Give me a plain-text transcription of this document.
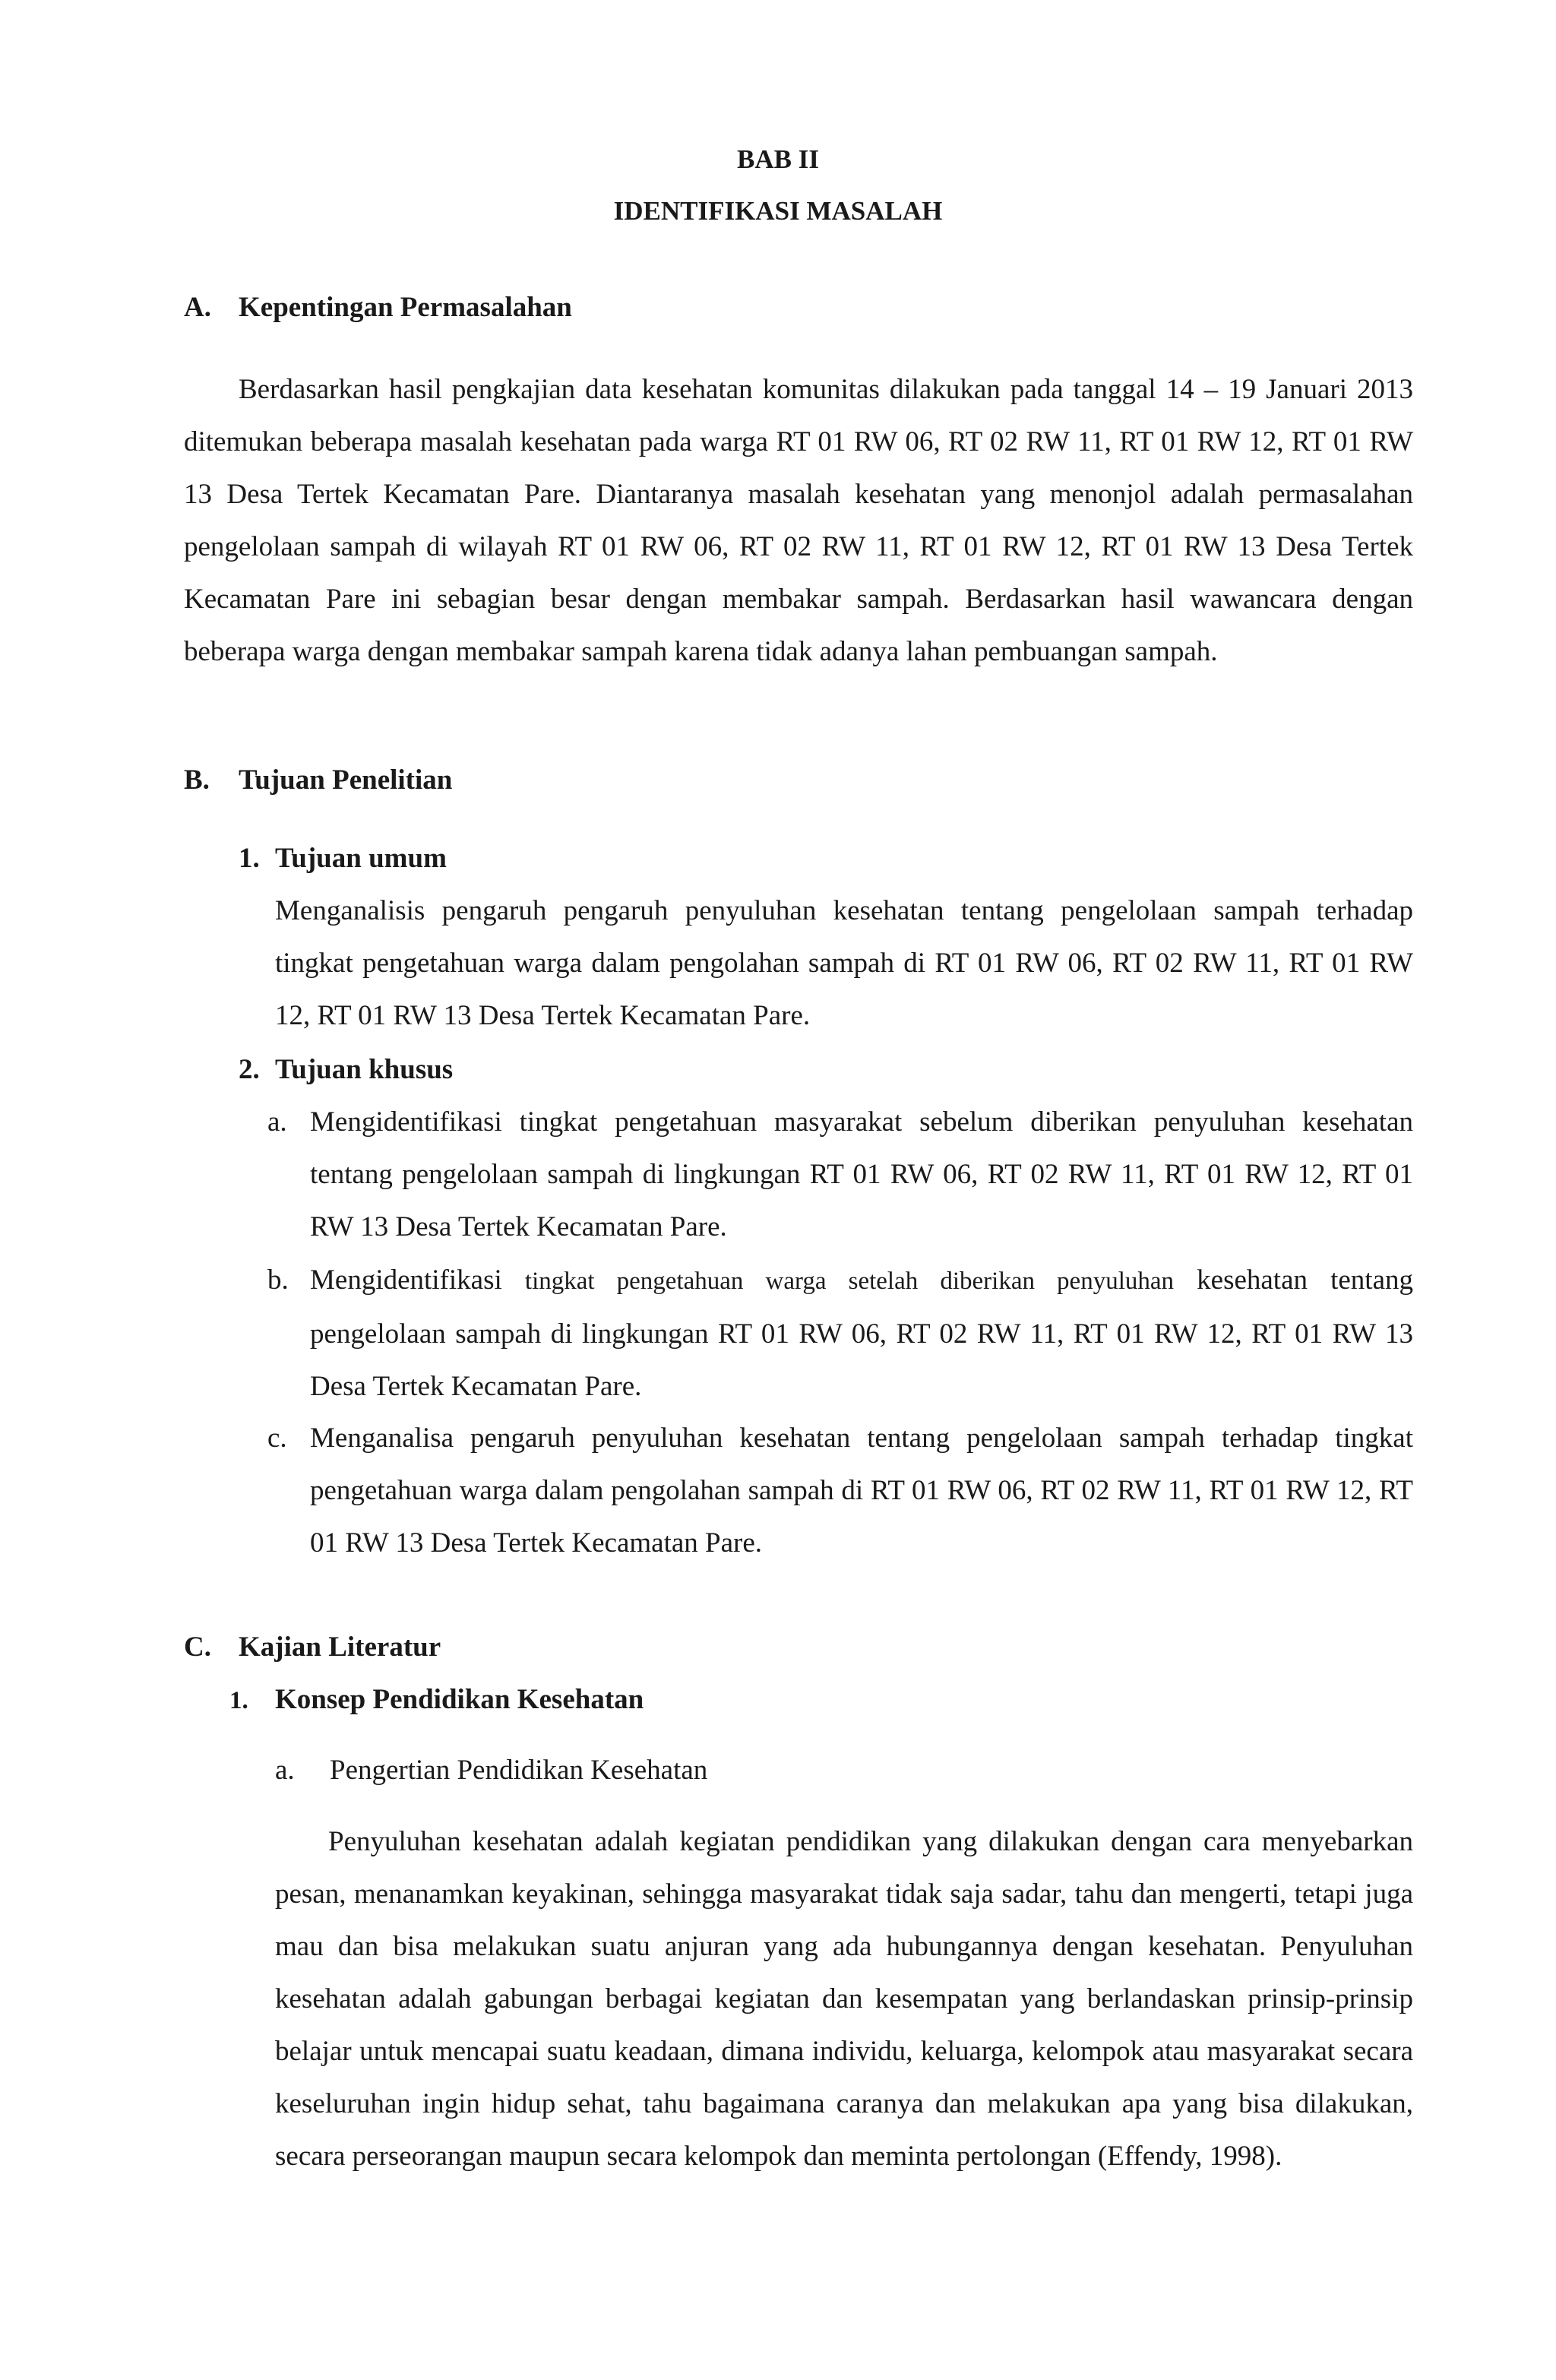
BAB II
IDENTIFIKASI MASALAH
A. Kepentingan Permasalahan
Berdasarkan hasil pengkajian data kesehatan komunitas dilakukan pada tanggal 14 – 19 Januari 2013 ditemukan beberapa masalah kesehatan pada warga RT 01 RW 06, RT 02 RW 11, RT 01 RW 12, RT 01 RW 13 Desa Tertek Kecamatan Pare. Diantaranya masalah kesehatan yang menonjol adalah permasalahan pengelolaan sampah di wilayah RT 01 RW 06, RT 02 RW 11, RT 01 RW 12, RT 01 RW 13 Desa Tertek Kecamatan Pare ini sebagian besar dengan membakar sampah. Berdasarkan hasil wawancara dengan beberapa warga dengan membakar sampah karena tidak adanya lahan pembuangan sampah.
B. Tujuan Penelitian
1. Tujuan umum
Menganalisis pengaruh pengaruh penyuluhan kesehatan tentang pengelolaan sampah terhadap tingkat pengetahuan warga dalam pengolahan sampah di RT 01 RW 06, RT 02 RW 11, RT 01 RW 12, RT 01 RW 13 Desa Tertek Kecamatan Pare.
2. Tujuan khusus
a. Mengidentifikasi tingkat pengetahuan masyarakat sebelum diberikan penyuluhan kesehatan tentang pengelolaan sampah di lingkungan RT 01 RW 06, RT 02 RW 11, RT 01 RW 12, RT 01 RW 13 Desa Tertek Kecamatan Pare.
b. Mengidentifikasi tingkat pengetahuan warga setelah diberikan penyuluhan kesehatan tentang pengelolaan sampah di lingkungan RT 01 RW 06, RT 02 RW 11, RT 01 RW 12, RT 01 RW 13 Desa Tertek Kecamatan Pare.
c. Menganalisa pengaruh penyuluhan kesehatan tentang pengelolaan sampah terhadap tingkat pengetahuan warga dalam pengolahan sampah di RT 01 RW 06, RT 02 RW 11, RT 01 RW 12, RT 01 RW 13 Desa Tertek Kecamatan Pare.
C. Kajian Literatur
1. Konsep Pendidikan Kesehatan
a. Pengertian Pendidikan Kesehatan
Penyuluhan kesehatan adalah kegiatan pendidikan yang dilakukan dengan cara menyebarkan pesan, menanamkan keyakinan, sehingga masyarakat tidak saja sadar, tahu dan mengerti, tetapi juga mau dan bisa melakukan suatu anjuran yang ada hubungannya dengan kesehatan. Penyuluhan kesehatan adalah gabungan berbagai kegiatan dan kesempatan yang berlandaskan prinsip-prinsip belajar untuk mencapai suatu keadaan, dimana individu, keluarga, kelompok atau masyarakat secara keseluruhan ingin hidup sehat, tahu bagaimana caranya dan melakukan apa yang bisa dilakukan, secara perseorangan maupun secara kelompok dan meminta pertolongan (Effendy, 1998).
